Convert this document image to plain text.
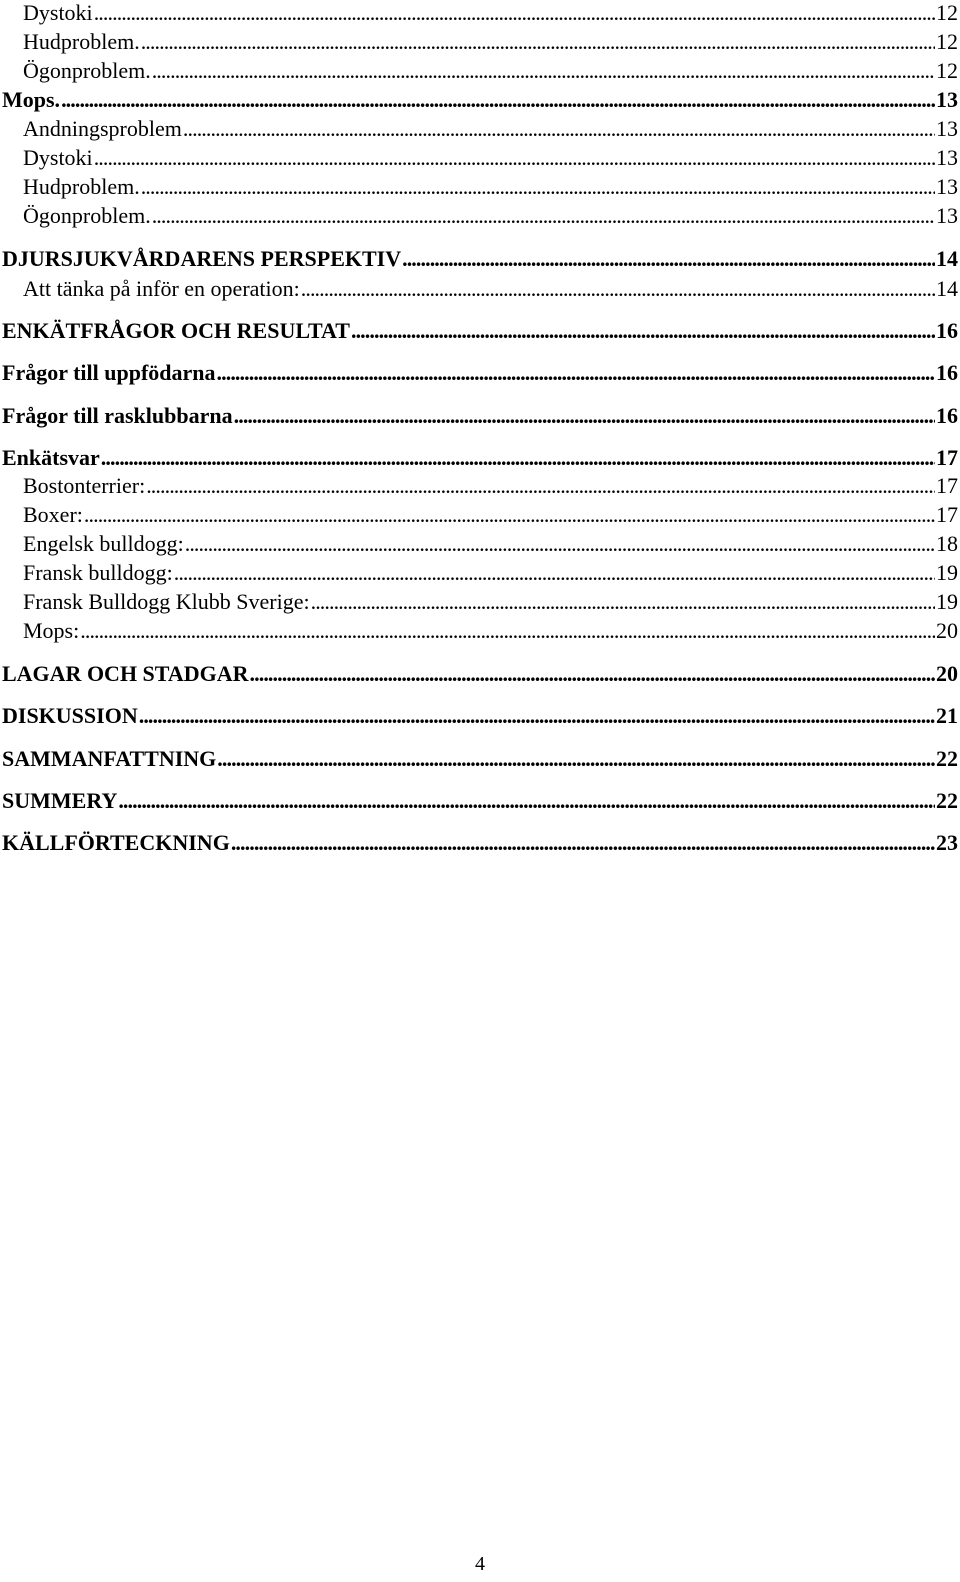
Dystoki . . .	12
Hudproblem. . . .	12
Ögonproblem. . . .	12
Mops. . . .	13
Andningsproblem . . .	13
Dystoki . . .	13
Hudproblem. . . .	13
Ögonproblem. . . .	13
DJURSJUKVÅRDARENS PERSPEKTIV . . .	14
Att tänka på inför en operation: . . .	14
ENKÄTFRÅGOR OCH RESULTAT . . .	16
Frågor till uppfödarna . . .	16
Frågor till rasklubbarna . . .	16
Enkätsvar . . .	17
Bostonterrier: . . .	17
Boxer: . . .	17
Engelsk bulldogg: . . .	18
Fransk bulldogg: . . .	19
Fransk Bulldogg Klubb Sverige: . . .	19
Mops: . . .	20
LAGAR OCH STADGAR . . .	20
DISKUSSION . . .	21
SAMMANFATTNING . . .	22
SUMMERY . . .	22
KÄLLFÖRTECKNING . . .	23
4
